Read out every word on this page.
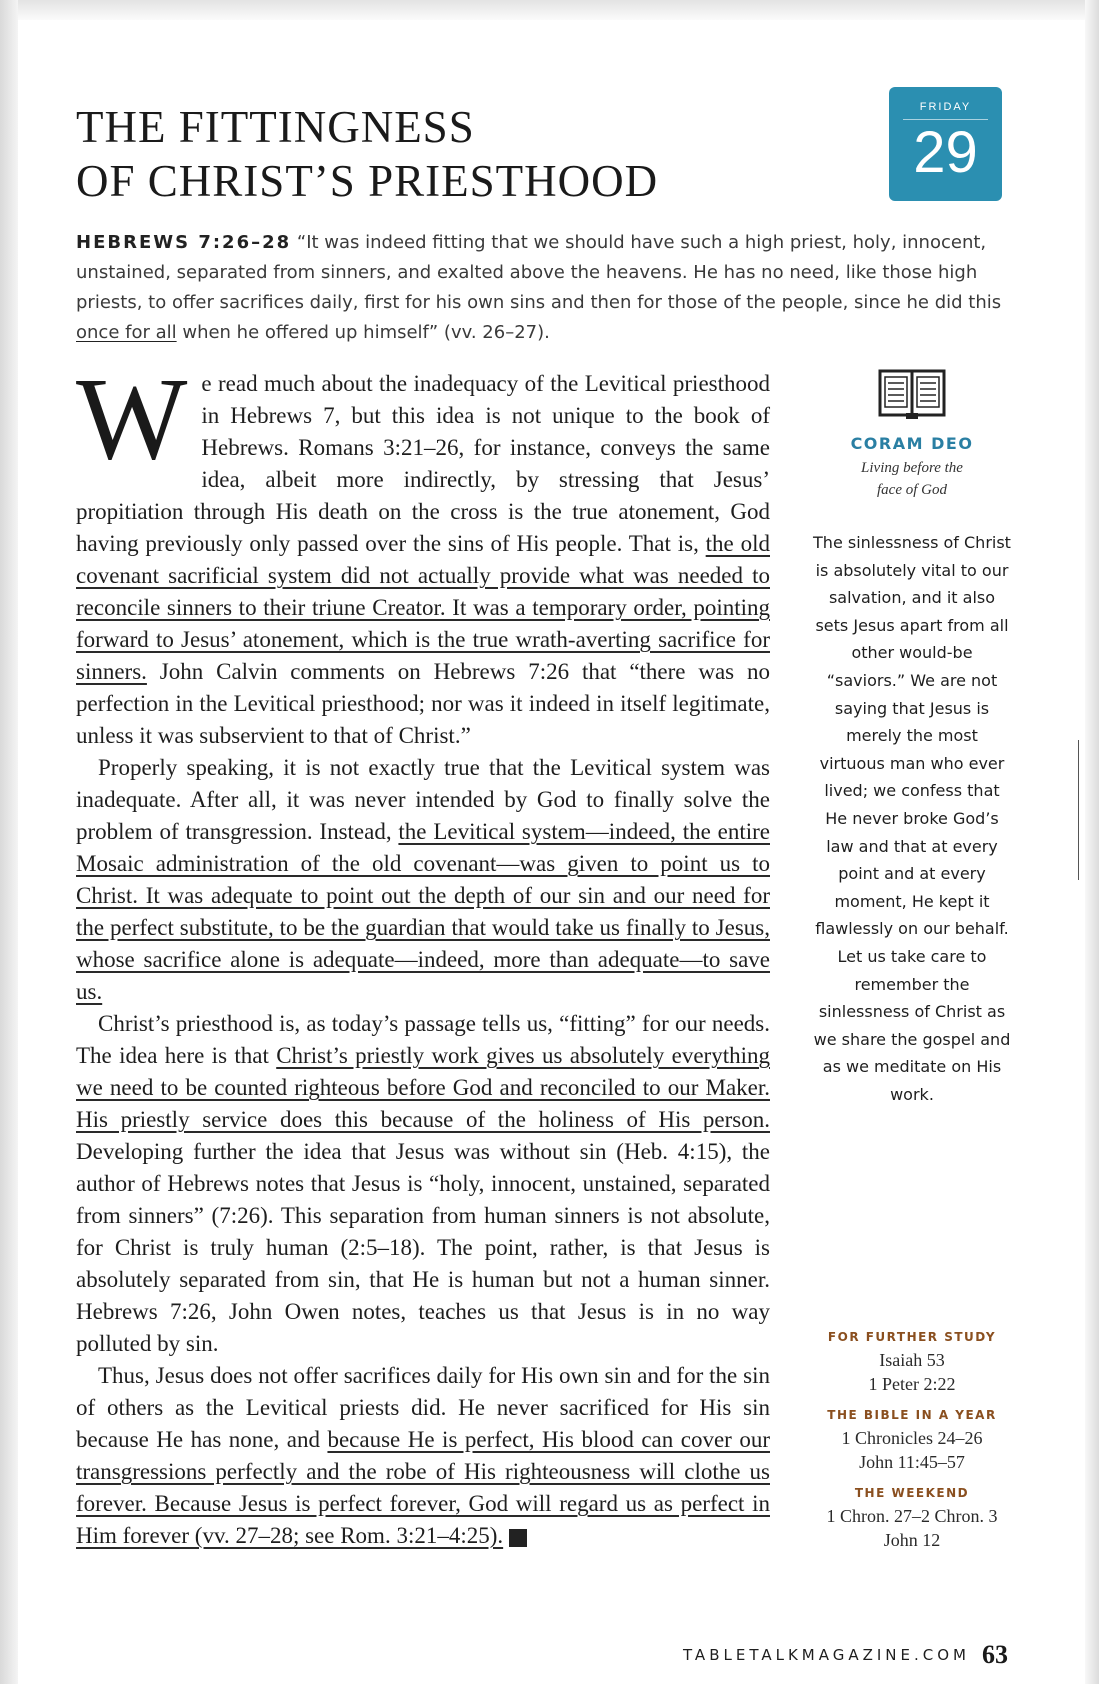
THE FITTINGNESS
OF CHRIST’S PRIESTHOOD
FRIDAY
29

HEBREWS 7:26–28 “It was indeed fitting that we should have such a high priest, holy, innocent, unstained, separated from sinners, and exalted above the heavens. He has no need, like those high priests, to offer sacrifices daily, first for his own sins and then for those of the people, since he did this once for all when he offered up himself” (vv. 26–27).

We read much about the inadequacy of the Levitical priesthood in Hebrews 7, but this idea is not unique to the book of Hebrews. Romans 3:21–26, for instance, conveys the same idea, albeit more indirectly, by stressing that Jesus’ propitiation through His death on the cross is the true atonement, God having previously only passed over the sins of His people. That is, the old covenant sacrificial system did not actually provide what was needed to reconcile sinners to their triune Creator. It was a temporary order, pointing forward to Jesus’ atonement, which is the true wrath-averting sacrifice for sinners. John Calvin comments on Hebrews 7:26 that “there was no perfection in the Levitical priesthood; nor was it indeed in itself legitimate, unless it was subservient to that of Christ.”

Properly speaking, it is not exactly true that the Levitical system was inadequate. After all, it was never intended by God to finally solve the problem of transgression. Instead, the Levitical system—indeed, the entire Mosaic administration of the old covenant—was given to point us to Christ. It was adequate to point out the depth of our sin and our need for the perfect substitute, to be the guardian that would take us finally to Jesus, whose sacrifice alone is adequate—indeed, more than adequate—to save us.

Christ’s priesthood is, as today’s passage tells us, “fitting” for our needs. The idea here is that Christ’s priestly work gives us absolutely everything we need to be counted righteous before God and reconciled to our Maker. His priestly service does this because of the holiness of His person. Developing further the idea that Jesus was without sin (Heb. 4:15), the author of Hebrews notes that Jesus is “holy, innocent, unstained, separated from sinners” (7:26). This separation from human sinners is not absolute, for Christ is truly human (2:5–18). The point, rather, is that Jesus is absolutely separated from sin, that He is human but not a human sinner. Hebrews 7:26, John Owen notes, teaches us that Jesus is in no way polluted by sin.

Thus, Jesus does not offer sacrifices daily for His own sin and for the sin of others as the Levitical priests did. He never sacrificed for His sin because He has none, and because He is perfect, His blood can cover our transgressions perfectly and the robe of His righteousness will clothe us forever. Because Jesus is perfect forever, God will regard us as perfect in Him forever (vv. 27–28; see Rom. 3:21–4:25). T

CORAM DEO

Living before the
face of God

The sinlessness of Christ is absolutely vital to our salvation, and it also sets Jesus apart from all other would-be “saviors.” We are not saying that Jesus is merely the most virtuous man who ever lived; we confess that He never broke God’s law and that at every point and at every moment, He kept it flawlessly on our behalf. Let us take care to remember the sinlessness of Christ as we share the gospel and as we meditate on His work.

FOR FURTHER STUDY

Isaiah 53

1 Peter 2:22

THE BIBLE IN A YEAR

1 Chronicles 24–26

John 11:45–57

THE WEEKEND

1 Chron. 27–2 Chron. 3

John 12

TABLETALKMAGAZINE.COM 63
